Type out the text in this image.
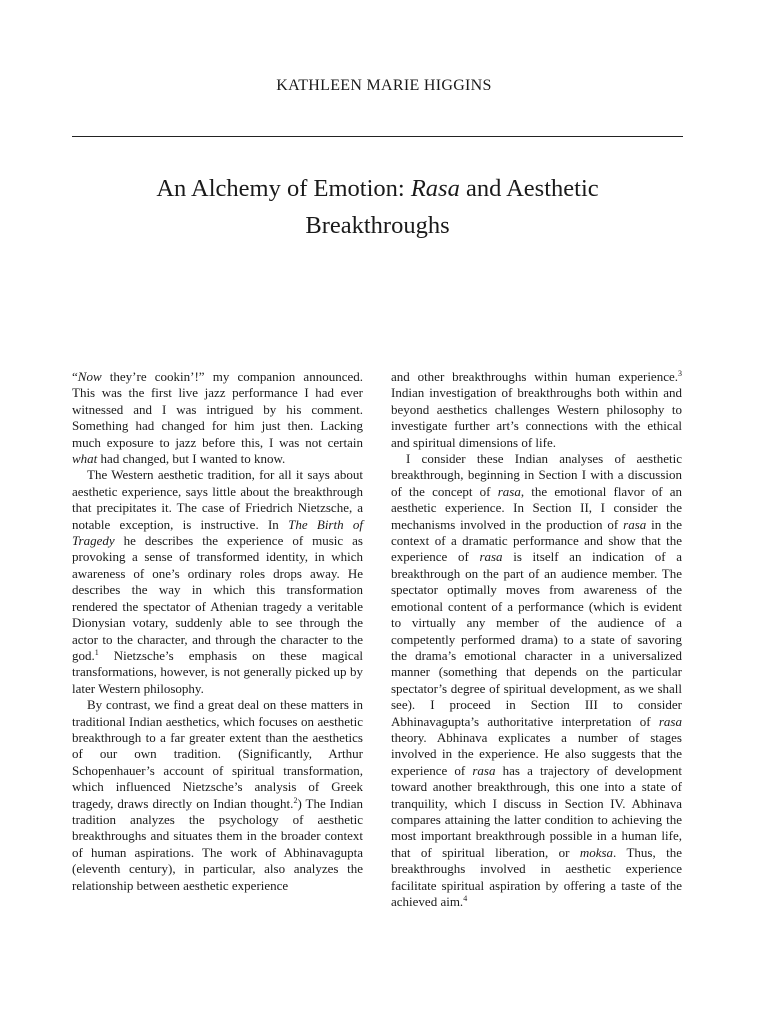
KATHLEEN MARIE HIGGINS
An Alchemy of Emotion: Rasa and Aesthetic
Breakthroughs

“Now they’re cookin’!” my companion announced. This was the first live jazz performance I had ever witnessed and I was intrigued by his comment. Something had changed for him just then. Lacking much exposure to jazz before this, I was not certain what had changed, but I wanted to know.

The Western aesthetic tradition, for all it says about aesthetic experience, says little about the breakthrough that precipitates it. The case of Friedrich Nietzsche, a notable exception, is instructive. In The Birth of Tragedy he describes the experience of music as provoking a sense of transformed identity, in which awareness of one’s ordinary roles drops away. He describes the way in which this transformation rendered the spectator of Athenian tragedy a veritable Dionysian votary, suddenly able to see through the actor to the character, and through the character to the god.$^1$ Nietzsche’s emphasis on these magical transformations, however, is not generally picked up by later Western philosophy.

By contrast, we find a great deal on these matters in traditional Indian aesthetics, which focuses on aesthetic breakthrough to a far greater extent than the aesthetics of our own tradition. (Significantly, Arthur Schopenhauer’s account of spiritual transformation, which influenced Nietzsche’s analysis of Greek tragedy, draws directly on Indian thought.$^2$) The Indian tradition analyzes the psychology of aesthetic breakthroughs and situates them in the broader context of human aspirations. The work of Abhinavagupta (eleventh century), in particular, also analyzes the relationship between aesthetic experience

and other breakthroughs within human experience.$^3$ Indian investigation of breakthroughs both within and beyond aesthetics challenges Western philosophy to investigate further art’s connections with the ethical and spiritual dimensions of life.

I consider these Indian analyses of aesthetic breakthrough, beginning in Section I with a discussion of the concept of rasa, the emotional flavor of an aesthetic experience. In Section II, I consider the mechanisms involved in the production of rasa in the context of a dramatic performance and show that the experience of rasa is itself an indication of a breakthrough on the part of an audience member. The spectator optimally moves from awareness of the emotional content of a performance (which is evident to virtually any member of the audience of a competently performed drama) to a state of savoring the drama’s emotional character in a universalized manner (something that depends on the particular spectator’s degree of spiritual development, as we shall see). I proceed in Section III to consider Abhinavagupta’s authoritative interpretation of rasa theory. Abhinava explicates a number of stages involved in the experience. He also suggests that the experience of rasa has a trajectory of development toward another breakthrough, this one into a state of tranquility, which I discuss in Section IV. Abhinava compares attaining the latter condition to achieving the most important breakthrough possible in a human life, that of spiritual liberation, or moksa. Thus, the breakthroughs involved in aesthetic experience facilitate spiritual aspiration by offering a taste of the achieved aim.$^4$
